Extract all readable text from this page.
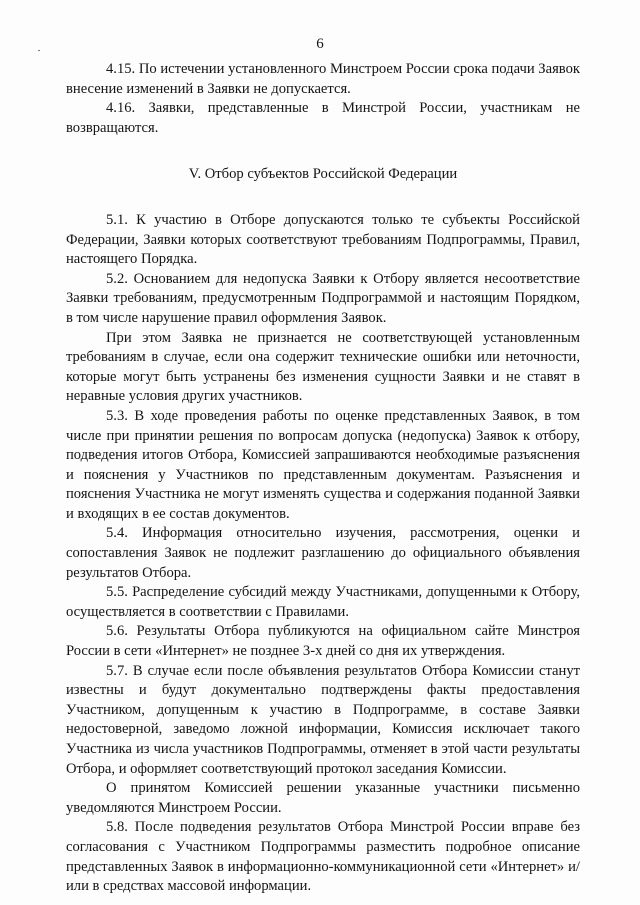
6

4.15. По истечении установленного Минстроем России срока подачи Заявок внесение изменений в Заявки не допускается.

4.16. Заявки, представленные в Минстрой России, участникам не возвращаются.

V. Отбор субъектов Российской Федерации

5.1. К участию в Отборе допускаются только те субъекты Российской Федерации, Заявки которых соответствуют требованиям Подпрограммы, Правил, настоящего Порядка.

5.2. Основанием для недопуска Заявки к Отбору является несоответствие Заявки требованиям, предусмотренным Подпрограммой и настоящим Порядком, в том числе нарушение правил оформления Заявок.

При этом Заявка не признается не соответствующей установленным требованиям в случае, если она содержит технические ошибки или неточности, которые могут быть устранены без изменения сущности Заявки и не ставят в неравные условия других участников.

5.3. В ходе проведения работы по оценке представленных Заявок, в том числе при принятии решения по вопросам допуска (недопуска) Заявок к отбору, подведения итогов Отбора, Комиссией запрашиваются необходимые разъяснения и пояснения у Участников по представленным документам. Разъяснения и пояснения Участника не могут изменять существа и содержания поданной Заявки и входящих в ее состав документов.

5.4. Информация относительно изучения, рассмотрения, оценки и сопоставления Заявок не подлежит разглашению до официального объявления результатов Отбора.

5.5. Распределение субсидий между Участниками, допущенными к Отбору, осуществляется в соответствии с Правилами.

5.6. Результаты Отбора публикуются на официальном сайте Минстроя России в сети «Интернет» не позднее 3-х дней со дня их утверждения.

5.7. В случае если после объявления результатов Отбора Комиссии станут известны и будут документально подтверждены факты предоставления Участником, допущенным к участию в Подпрограмме, в составе Заявки недостоверной, заведомо ложной информации, Комиссия исключает такого Участника из числа участников Подпрограммы, отменяет в этой части результаты Отбора, и оформляет соответствующий протокол заседания Комиссии.

О принятом Комиссией решении указанные участники письменно уведомляются Минстроем России.

5.8. После подведения результатов Отбора Минстрой России вправе без согласования с Участником Подпрограммы разместить подробное описание представленных Заявок в информационно-коммуникационной сети «Интернет» и/или в средствах массовой информации.
